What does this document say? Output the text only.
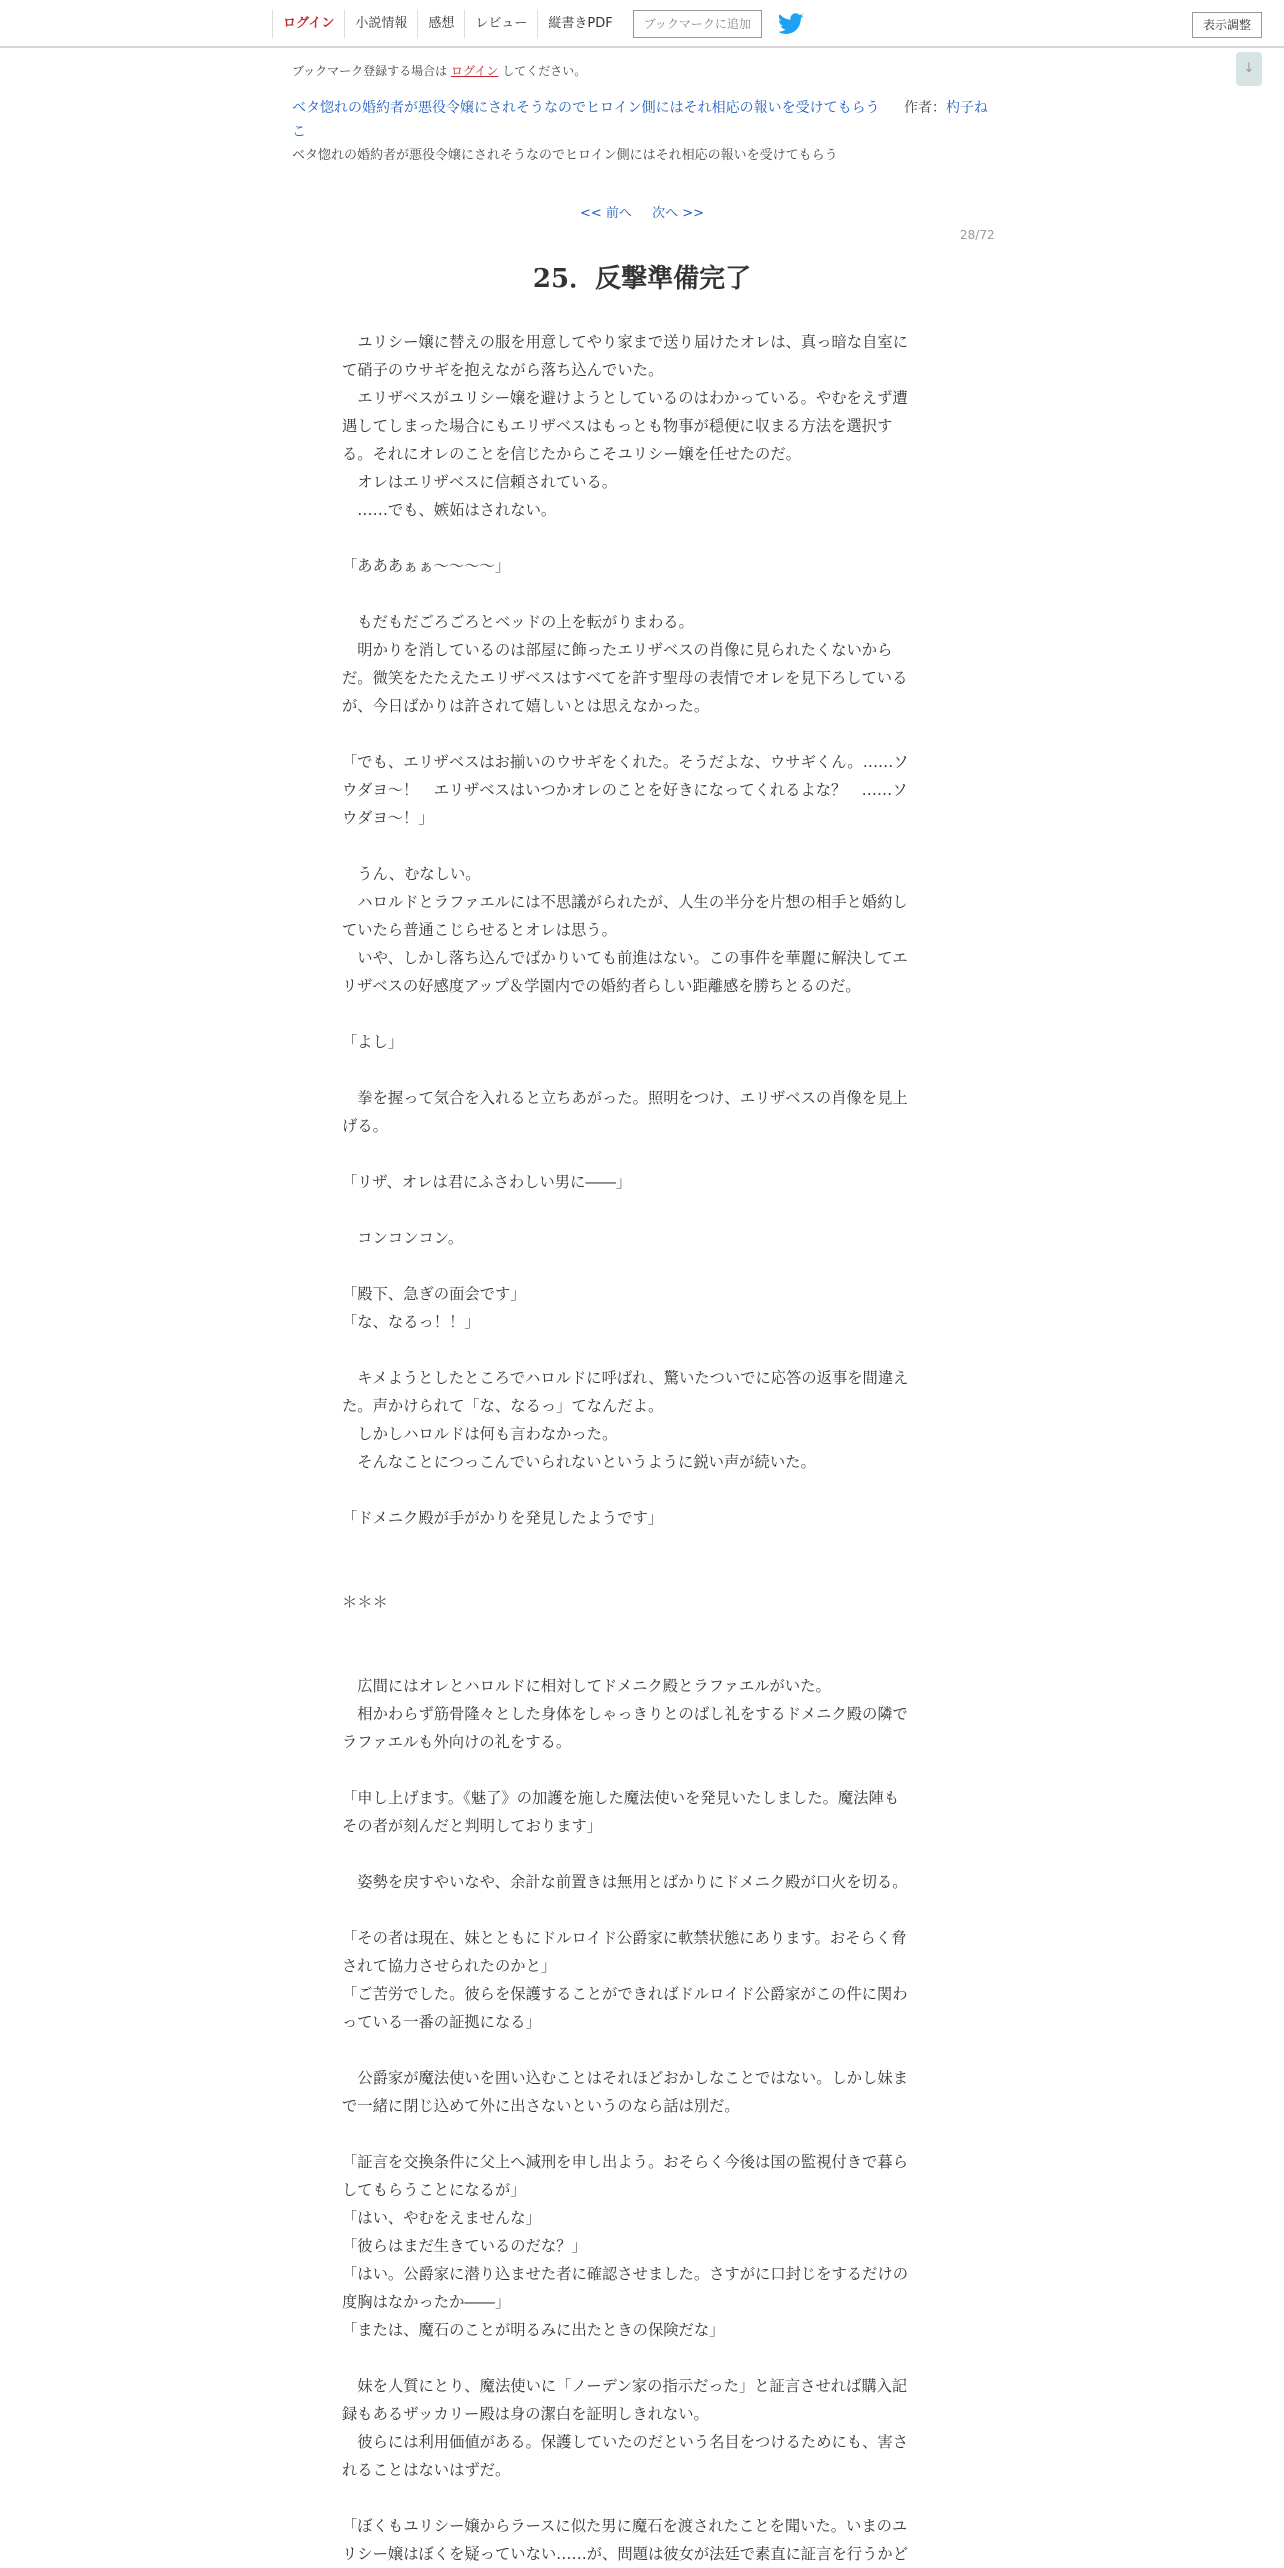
ログイン	小説情報	感想	レビュー	縦書きPDF	ブックマークに追加	表示調整
↓
ブックマーク登録する場合は ログイン してください。
ベタ惚れの婚約者が悪役令嬢にされそうなのでヒロイン側にはそれ相応の報いを受けてもらう 作者：杓子ねこ
ベタ惚れの婚約者が悪役令嬢にされそうなのでヒロイン側にはそれ相応の報いを受けてもらう
<< 前へ 次へ >>
28/72
25．反撃準備完了
　ユリシー嬢に替えの服を用意してやり家まで送り届けたオレは、真っ暗な自室に
て硝子のウサギを抱えながら落ち込んでいた。
　エリザベスがユリシー嬢を避けようとしているのはわかっている。やむをえず遭
遇してしまった場合にもエリザベスはもっとも物事が穏便に収まる方法を選択す
る。それにオレのことを信じたからこそユリシー嬢を任せたのだ。
　オレはエリザベスに信頼されている。
　……でも、嫉妬はされない。
「あああぁぁ～～～～」
　もだもだごろごろとベッドの上を転がりまわる。
　明かりを消しているのは部屋に飾ったエリザベスの肖像に見られたくないから
だ。微笑をたたえたエリザベスはすべてを許す聖母の表情でオレを見下ろしている
が、今日ばかりは許されて嬉しいとは思えなかった。
「でも、エリザベスはお揃いのウサギをくれた。そうだよな、ウサギくん。……ソ
ウダヨ～！　エリザベスはいつかオレのことを好きになってくれるよな？　……ソ
ウダヨ～！」
　うん、むなしい。
　ハロルドとラファエルには不思議がられたが、人生の半分を片想の相手と婚約し
ていたら普通こじらせるとオレは思う。
　いや、しかし落ち込んでばかりいても前進はない。この事件を華麗に解決してエ
リザベスの好感度アップ＆学園内での婚約者らしい距離感を勝ちとるのだ。
「よし」
　拳を握って気合を入れると立ちあがった。照明をつけ、エリザベスの肖像を見上
げる。
「リザ、オレは君にふさわしい男に――」
　コンコンコン。
「殿下、急ぎの面会です」
「な、なるっ！！」
　キメようとしたところでハロルドに呼ばれ、驚いたついでに応答の返事を間違え
た。声かけられて「な、なるっ」てなんだよ。
　しかしハロルドは何も言わなかった。
　そんなことにつっこんでいられないというように鋭い声が続いた。
「ドメニク殿が手がかりを発見したようです」
＊＊＊
　広間にはオレとハロルドに相対してドメニク殿とラファエルがいた。
　相かわらず筋骨隆々とした身体をしゃっきりとのばし礼をするドメニク殿の隣で
ラファエルも外向けの礼をする。
「申し上げます。《魅了》の加護を施した魔法使いを発見いたしました。魔法陣も
その者が刻んだと判明しております」
　姿勢を戻すやいなや、余計な前置きは無用とばかりにドメニク殿が口火を切る。
「その者は現在、妹とともにドルロイド公爵家に軟禁状態にあります。おそらく脅
されて協力させられたのかと」
「ご苦労でした。彼らを保護することができればドルロイド公爵家がこの件に関わ
っている一番の証拠になる」
　公爵家が魔法使いを囲い込むことはそれほどおかしなことではない。しかし妹ま
で一緒に閉じ込めて外に出さないというのなら話は別だ。
「証言を交換条件に父上へ減刑を申し出よう。おそらく今後は国の監視付きで暮ら
してもらうことになるが」
「はい、やむをえませんな」
「彼らはまだ生きているのだな？」
「はい。公爵家に潜り込ませた者に確認させました。さすがに口封じをするだけの
度胸はなかったか――」
「または、魔石のことが明るみに出たときの保険だな」
　妹を人質にとり、魔法使いに「ノーデン家の指示だった」と証言させれば購入記
録もあるザッカリー殿は身の潔白を証明しきれない。
　彼らには利用価値がある。保護していたのだという名目をつけるためにも、害さ
れることはないはずだ。
「ぼくもユリシー嬢からラースに似た男に魔石を渡されたことを聞いた。いまのユ
リシー嬢はぼくを疑っていない……が、問題は彼女が法廷で素直に証言を行うかど
